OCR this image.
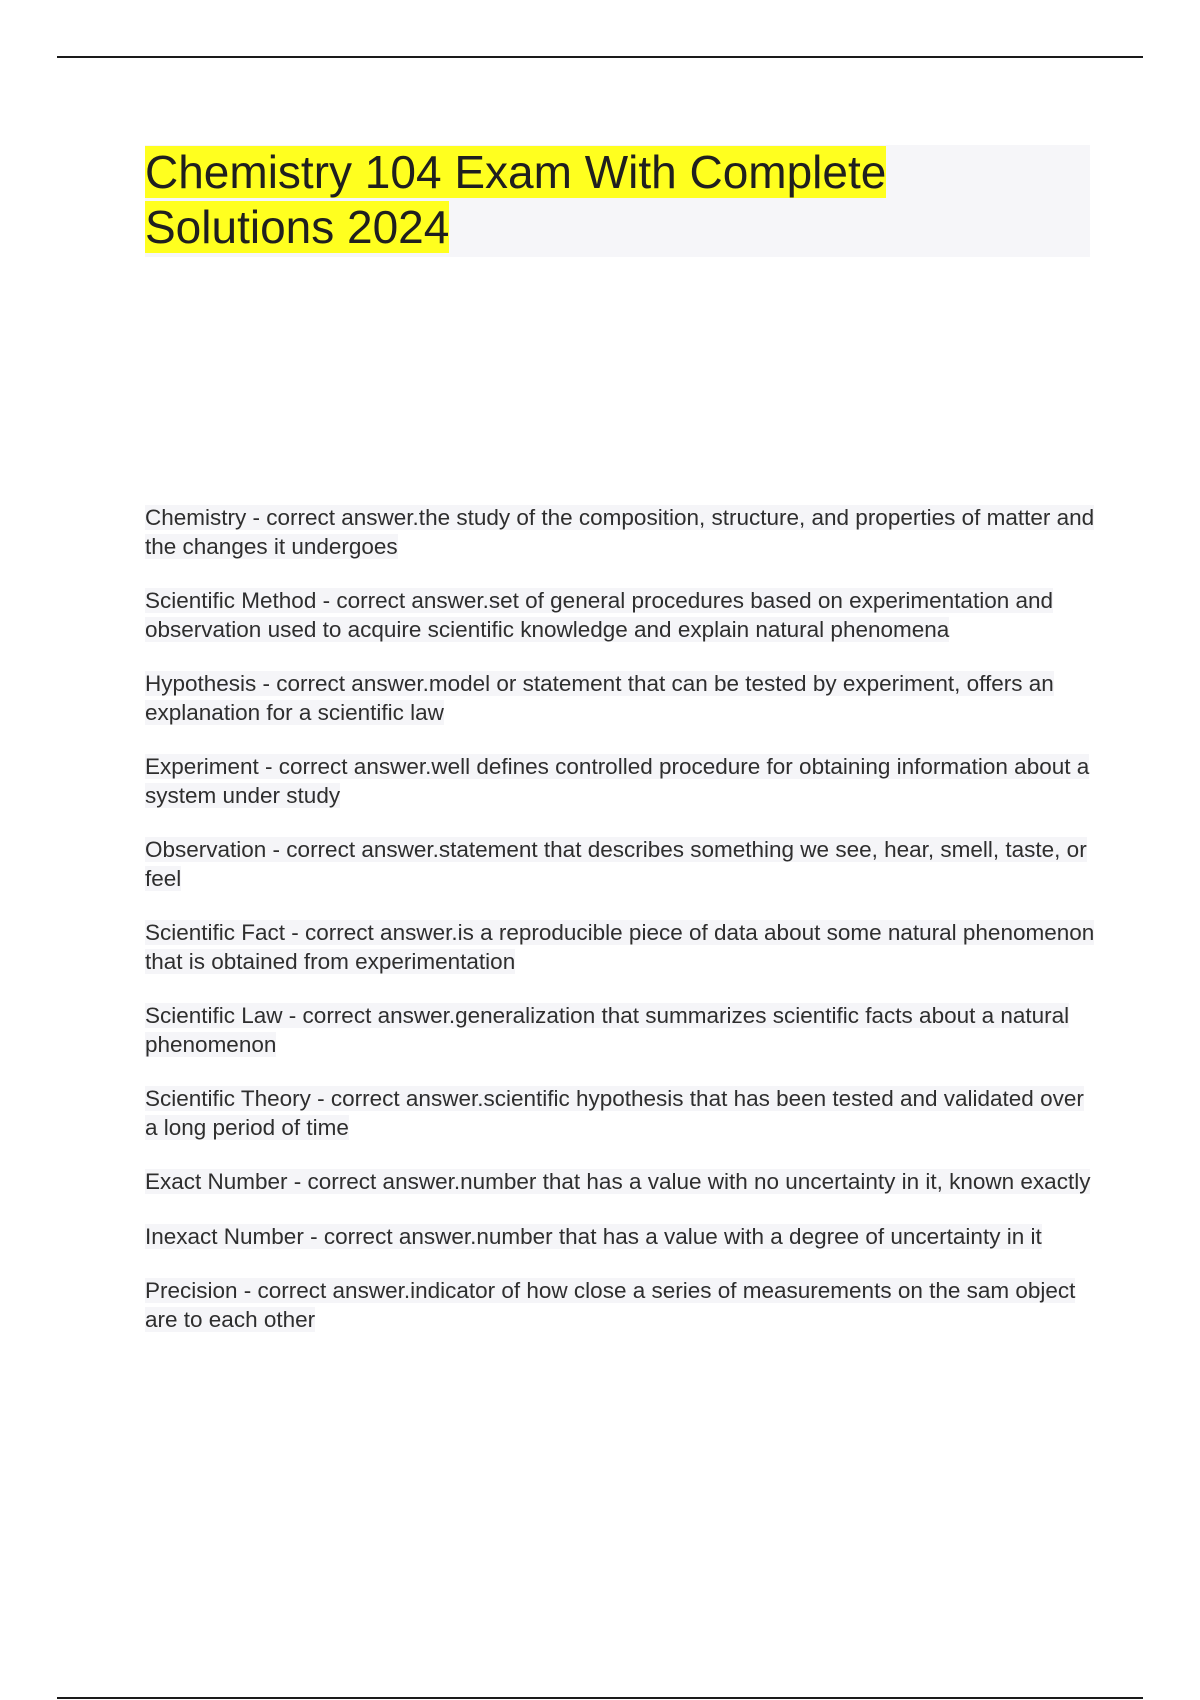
Chemistry 104 Exam With Complete
Solutions 2024
Chemistry - correct answer.the study of the composition, structure, and properties of matter and the changes it undergoes
Scientific Method - correct answer.set of general procedures based on experimentation and observation used to acquire scientific knowledge and explain natural phenomena
Hypothesis - correct answer.model or statement that can be tested by experiment, offers an explanation for a scientific law
Experiment - correct answer.well defines controlled procedure for obtaining information about a system under study
Observation - correct answer.statement that describes something we see, hear, smell, taste, or feel
Scientific Fact - correct answer.is a reproducible piece of data about some natural phenomenon that is obtained from experimentation
Scientific Law - correct answer.generalization that summarizes scientific facts about a natural phenomenon
Scientific Theory - correct answer.scientific hypothesis that has been tested and validated over a long period of time
Exact Number - correct answer.number that has a value with no uncertainty in it, known exactly
Inexact Number - correct answer.number that has a value with a degree of uncertainty in it
Precision - correct answer.indicator of how close a series of measurements on the sam object are to each other
